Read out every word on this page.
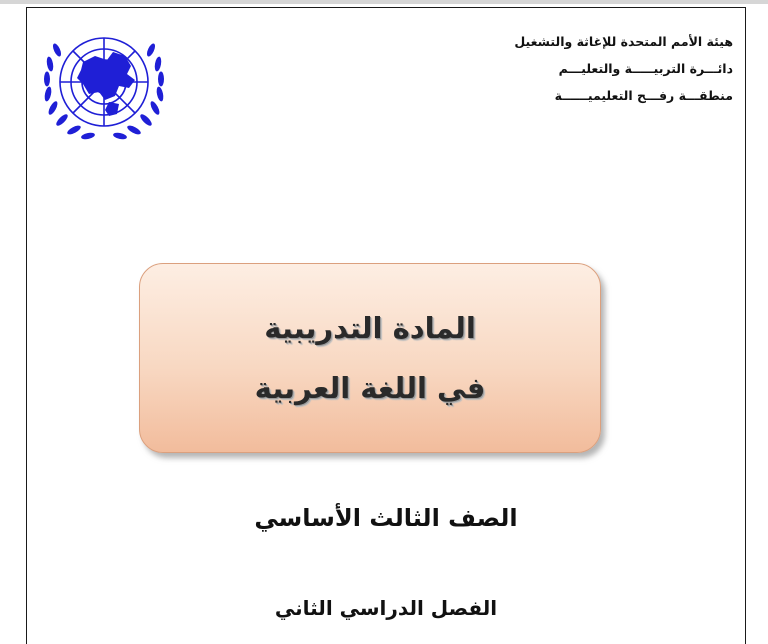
هيئة الأمم المتحدة للإغاثة والتشغيل
دائـــرة التربيـــــة والتعليـــم
منطقـــة رفـــح التعليميــــــة
المادة التدريبية
في اللغة العربية
الصف الثالث الأساسي
الفصل الدراسي الثاني
